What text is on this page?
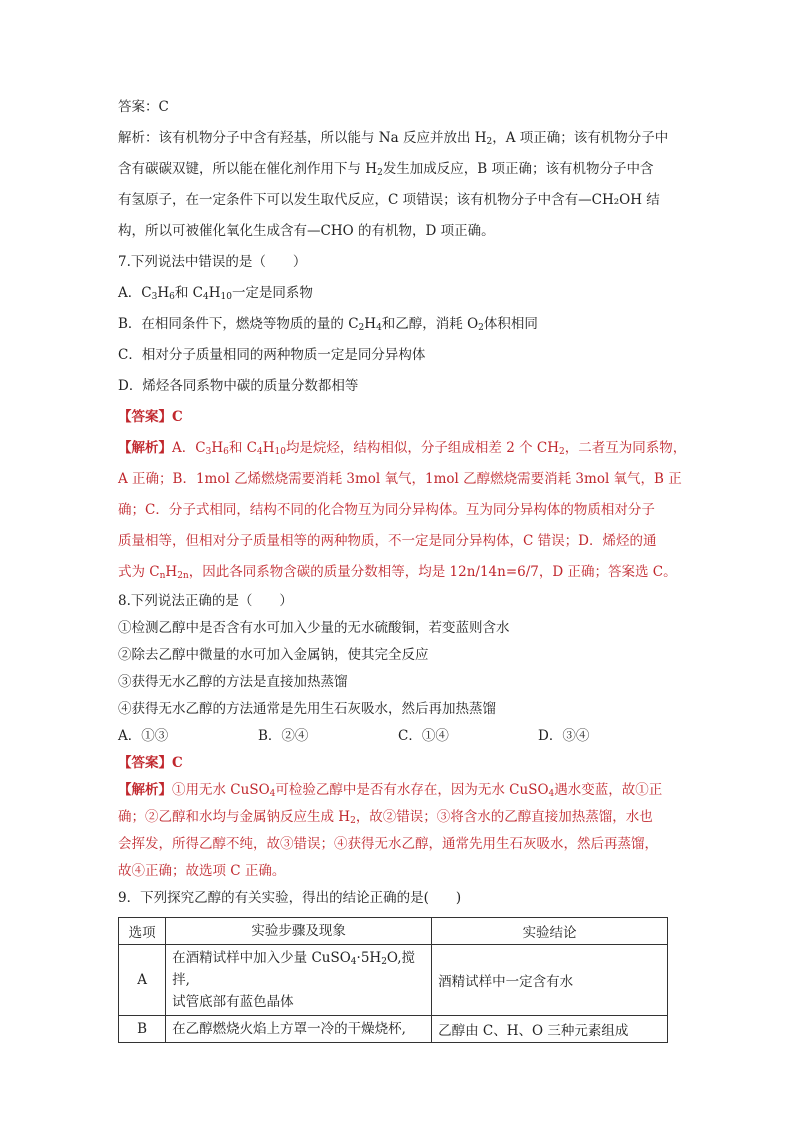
答案：C
解析：该有机物分子中含有羟基，所以能与 Na 反应并放出 $H_2$，A 项正确；该有机物分子中
含有碳碳双键，所以能在催化剂作用下与 $H_2$发生加成反应，B 项正确；该有机物分子中含
有氢原子，在一定条件下可以发生取代反应，C 项错误；该有机物分子中含有—CH₂OH 结
构，所以可被催化氧化生成含有—CHO 的有机物，D 项正确。
7.下列说法中错误的是（　　）
A．$C_3H_6$和 $C_4H_{10}$一定是同系物
B．在相同条件下，燃烧等物质的量的 $C_2H_4$和乙醇，消耗 $O_2$体积相同
C．相对分子质量相同的两种物质一定是同分异构体
D．烯烃各同系物中碳的质量分数都相等
【答案】C
【解析】A．$C_3H_6$和 $C_4H_{10}$均是烷烃，结构相似，分子组成相差 2 个 $CH_2$，二者互为同系物，
A 正确；B．1mol 乙烯燃烧需要消耗 3mol 氧气，1mol 乙醇燃烧需要消耗 3mol 氧气，B 正
确；C．分子式相同，结构不同的化合物互为同分异构体。互为同分异构体的物质相对分子
质量相等，但相对分子质量相等的两种物质，不一定是同分异构体，C 错误；D．烯烃的通
式为 $C_nH_{2n}$，因此各同系物含碳的质量分数相等，均是 12n/14n=6/7，D 正确；答案选 C。
8.下列说法正确的是（　　）
①检测乙醇中是否含有水可加入少量的无水硫酸铜，若变蓝则含水
②除去乙醇中微量的水可加入金属钠，使其完全反应
③获得无水乙醇的方法是直接加热蒸馏
④获得无水乙醇的方法通常是先用生石灰吸水，然后再加热蒸馏
A．①③	B．②④	C．①④	D．③④
【答案】C
【解析】①用无水 CuSO$_4$可检验乙醇中是否有水存在，因为无水 CuSO$_4$遇水变蓝，故①正
确；②乙醇和水均与金属钠反应生成 $H_2$，故②错误；③将含水的乙醇直接加热蒸馏，水也
会挥发，所得乙醇不纯，故③错误；④获得无水乙醇，通常先用生石灰吸水，然后再蒸馏，
故④正确；故选项 C 正确。
9．下列探究乙醇的有关实验，得出的结论正确的是(　　)
选项	实验步骤及现象	实验结论
A	在酒精试样中加入少量 $CuSO_4\cdot 5H_2O$,搅拌,
试管底部有蓝色晶体	酒精试样中一定含有水
B	在乙醇燃烧火焰上方罩一冷的干燥烧杯,	乙醇由 C、H、O 三种元素组成
